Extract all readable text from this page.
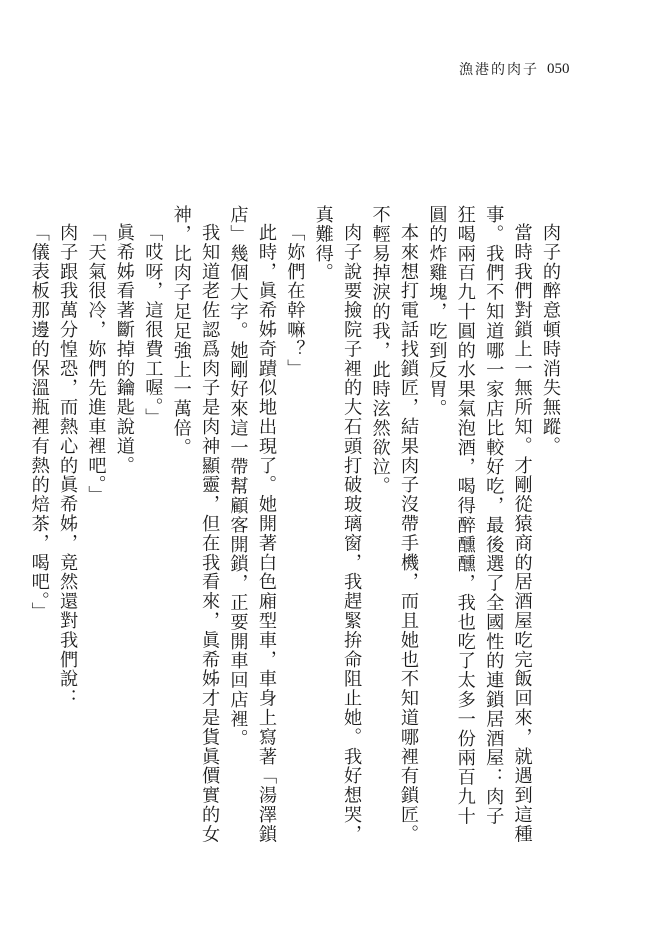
漁港的肉子 050

肉子的醉意頓時消失無蹤。

當時我們對鎖上一無所知。才剛從猿商的居酒屋吃完飯回來，就遇到這種事。我們不知道哪一家店比較好吃，最後選了全國性的連鎖居酒屋：肉子狂喝兩百九十圓的水果氣泡酒，喝得醉醺醺，我也吃了太多一份兩百九十圓的炸雞塊，吃到反胃。

本來想打電話找鎖匠，結果肉子沒帶手機，而且她也不知道哪裡有鎖匠。不輕易掉淚的我，此時泫然欲泣。

肉子說要撿院子裡的大石頭打破玻璃窗，我趕緊拚命阻止她。我好想哭，真難得。

「妳們在幹嘛？」

此時，眞希姊奇蹟似地出現了。她開著白色廂型車，車身上寫著「湯澤鎖店」幾個大字。她剛好來這一帶幫顧客開鎖，正要開車回店裡。

我知道老佐認爲肉子是肉神顯靈，但在我看來，眞希姊才是貨眞價實的女神，比肉子足足強上一萬倍。

「哎呀，這很費工喔。」

眞希姊看著斷掉的鑰匙說道。

「天氣很冷，妳們先進車裡吧。」

肉子跟我萬分惶恐，而熱心的眞希姊，竟然還對我們說：

「儀表板那邊的保溫瓶裡有熱的焙茶，喝吧。」
